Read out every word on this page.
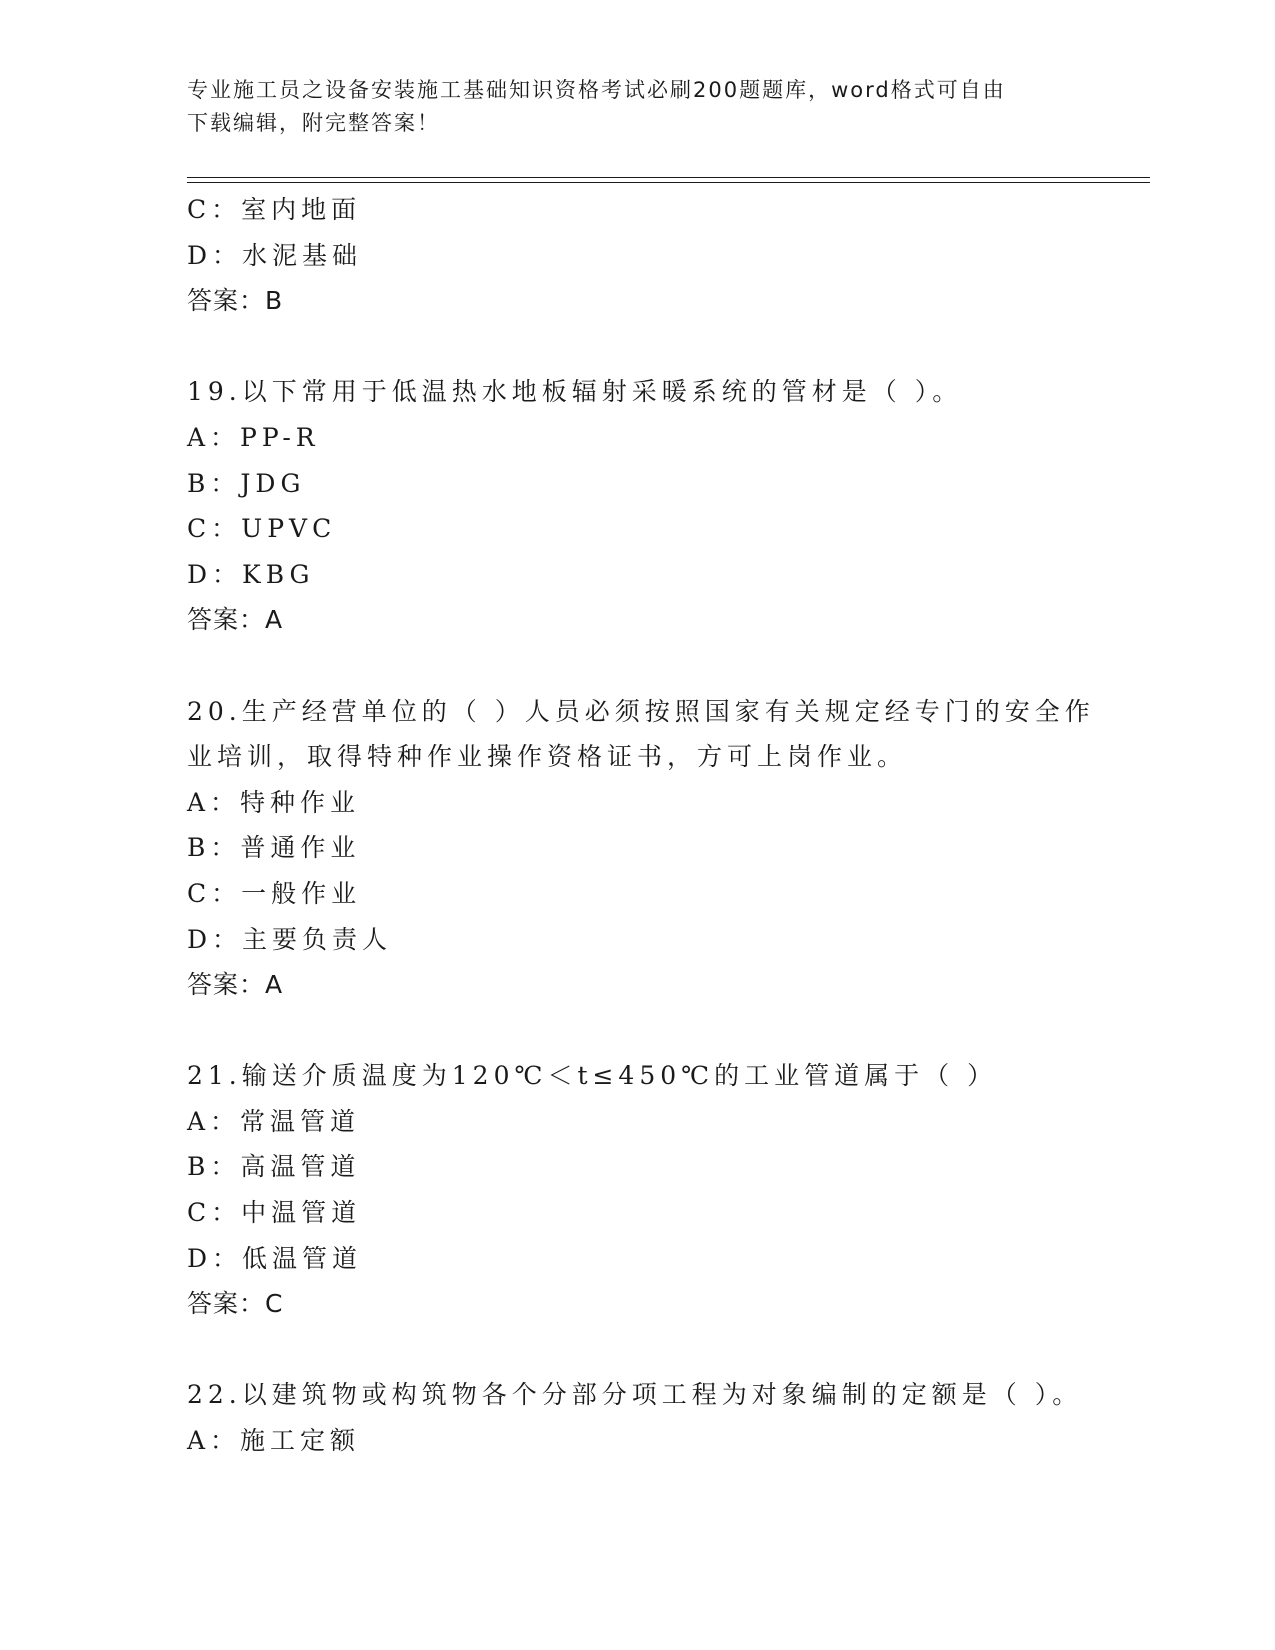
专业施工员之设备安装施工基础知识资格考试必刷200题题库，word格式可自由
下载编辑，附完整答案！
C：室内地面
D：水泥基础
答案：B
19.以下常用于低温热水地板辐射采暖系统的管材是（ ）。
A：PP-R
B：JDG
C：UPVC
D：KBG
答案：A
20.生产经营单位的（ ）人员必须按照国家有关规定经专门的安全作
业培训，取得特种作业操作资格证书，方可上岗作业。
A：特种作业
B：普通作业
C：一般作业
D：主要负责人
答案：A
21.输送介质温度为120℃＜t≤450℃的工业管道属于（ ）
A：常温管道
B：高温管道
C：中温管道
D：低温管道
答案：C
22.以建筑物或构筑物各个分部分项工程为对象编制的定额是（ ）。
A：施工定额
